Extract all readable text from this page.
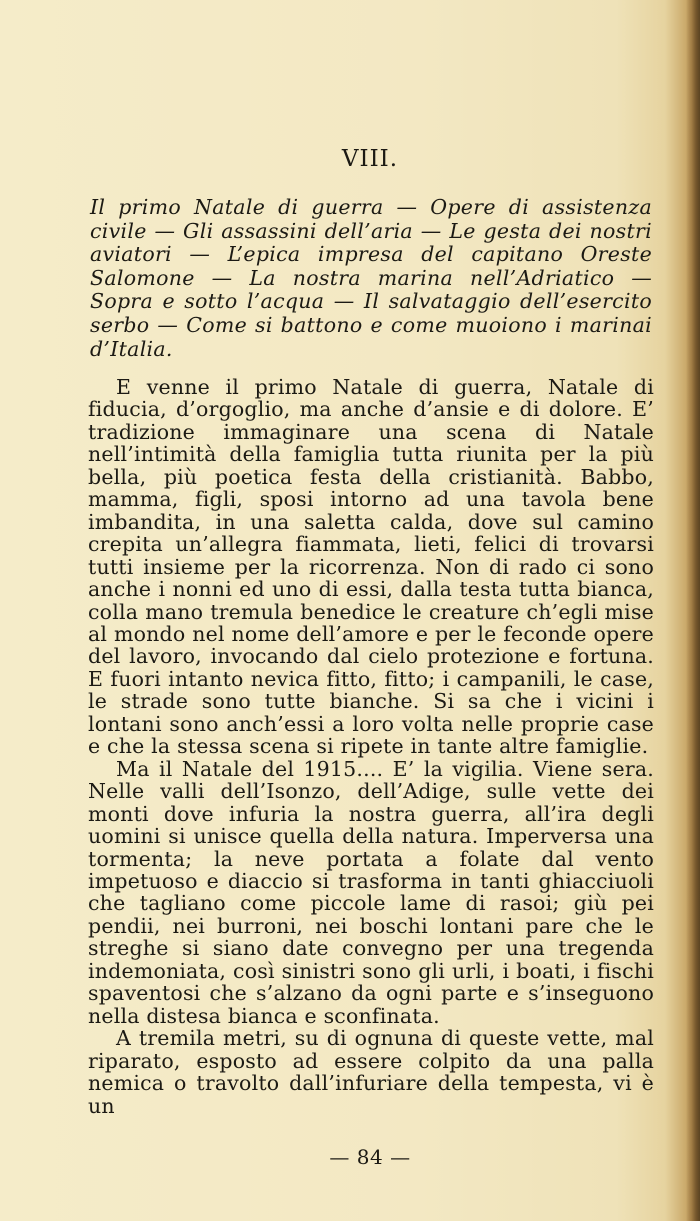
VIII.

Il primo Natale di guerra — Opere di assistenza civile — Gli assassini dell’aria — Le gesta dei nostri aviatori — L’epica impresa del capitano Oreste Salomone — La nostra marina nell’Adriatico — Sopra e sotto l’acqua — Il salvataggio dell’esercito serbo — Come si battono e come muoiono i marinai d’Italia.

E venne il primo Natale di guerra, Natale di fiducia, d’orgoglio, ma anche d’ansie e di dolore. E’ tradizione immaginare una scena di Natale nell’intimità della famiglia tutta riunita per la più bella, più poetica festa della cristianità. Babbo, mamma, figli, sposi intorno ad una tavola bene imbandita, in una saletta calda, dove sul camino crepita un’allegra fiammata, lieti, felici di trovarsi tutti insieme per la ricorrenza. Non di rado ci sono anche i nonni ed uno di essi, dalla testa tutta bianca, colla mano tremula benedice le creature ch’egli mise al mondo nel nome dell’amore e per le feconde opere del lavoro, invocando dal cielo protezione e fortuna. E fuori intanto nevica fitto, fitto; i campanili, le case, le strade sono tutte bianche. Si sa che i vicini i lontani sono anch’essi a loro volta nelle proprie case e che la stessa scena si ripete in tante altre famiglie.

Ma il Natale del 1915.... E’ la vigilia. Viene sera. Nelle valli dell’Isonzo, dell’Adige, sulle vette dei monti dove infuria la nostra guerra, all’ira degli uomini si unisce quella della natura. Imperversa una tormenta; la neve portata a folate dal vento impetuoso e diaccio si trasforma in tanti ghiacciuoli che tagliano come piccole lame di rasoi; giù pei pendii, nei burroni, nei boschi lontani pare che le streghe si siano date convegno per una tregenda indemoniata, così sinistri sono gli urli, i boati, i fischi spaventosi che s’alzano da ogni parte e s’inseguono nella distesa bianca e sconfinata.

A tremila metri, su di ognuna di queste vette, mal riparato, esposto ad essere colpito da una palla nemica o travolto dall’infuriare della tempesta, vi è un

— 84 —
